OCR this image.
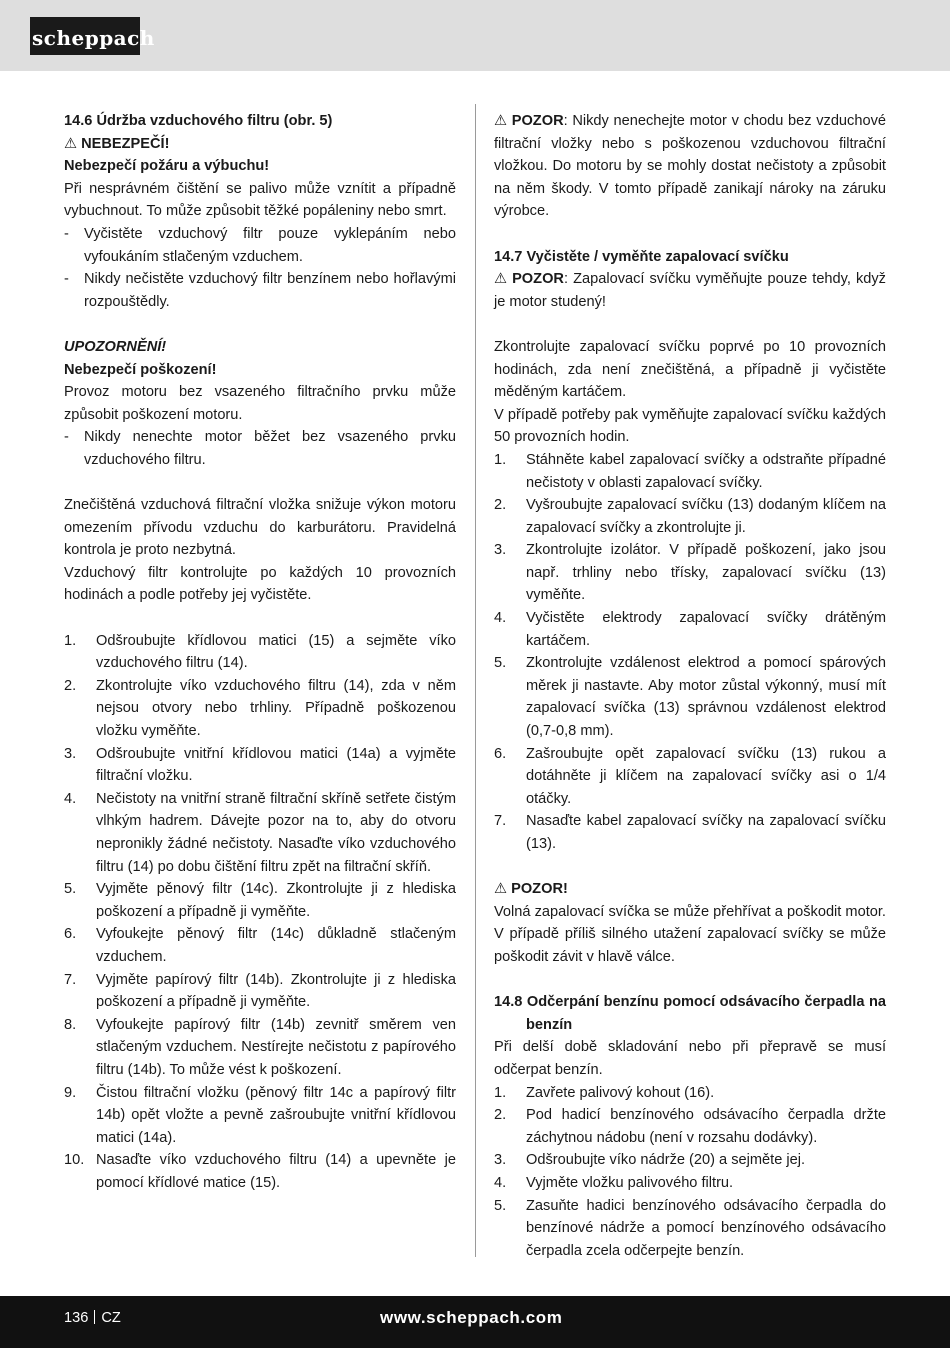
scheppach

14.6 Údržba vzduchového filtru (obr. 5)

⚠ NEBEZPEČÍ!

Nebezpečí požáru a výbuchu!

Při nesprávném čištění se palivo může vznítit a případně vybuchnout. To může způsobit těžké popáleniny nebo smrt.

- Vyčistěte vzduchový filtr pouze vyklepáním nebo vyfoukáním stlačeným vzduchem.
- Nikdy nečistěte vzduchový filtr benzínem nebo hořlavými rozpouštědly.

UPOZORNĚNÍ!

Nebezpečí poškození!

Provoz motoru bez vsazeného filtračního prvku může způsobit poškození motoru.

- Nikdy nenechte motor běžet bez vsazeného prvku vzduchového filtru.

Znečištěná vzduchová filtrační vložka snižuje výkon motoru omezením přívodu vzduchu do karburátoru. Pravidelná kontrola je proto nezbytná.

Vzduchový filtr kontrolujte po každých 10 provozních hodinách a podle potřeby jej vyčistěte.

1. Odšroubujte křídlovou matici (15) a sejměte víko vzduchového filtru (14).
2. Zkontrolujte víko vzduchového filtru (14), zda v něm nejsou otvory nebo trhliny. Případně poškozenou vložku vyměňte.
3. Odšroubujte vnitřní křídlovou matici (14a) a vyjměte filtrační vložku.
4. Nečistoty na vnitřní straně filtrační skříně setřete čistým vlhkým hadrem. Dávejte pozor na to, aby do otvoru nepronikly žádné nečistoty. Nasaďte víko vzduchového filtru (14) po dobu čištění filtru zpět na filtrační skříň.
5. Vyjměte pěnový filtr (14c). Zkontrolujte ji z hlediska poškození a případně ji vyměňte.
6. Vyfoukejte pěnový filtr (14c) důkladně stlačeným vzduchem.
7. Vyjměte papírový filtr (14b). Zkontrolujte ji z hlediska poškození a případně ji vyměňte.
8. Vyfoukejte papírový filtr (14b) zevnitř směrem ven stlačeným vzduchem. Nestírejte nečistotu z papírového filtru (14b). To může vést k poškození.
9. Čistou filtrační vložku (pěnový filtr 14c a papírový filtr 14b) opět vložte a pevně zašroubujte vnitřní křídlovou matici (14a).
10. Nasaďte víko vzduchového filtru (14) a upevněte je pomocí křídlové matice (15).

⚠ POZOR: Nikdy nenechejte motor v chodu bez vzduchové filtrační vložky nebo s poškozenou vzduchovou filtrační vložkou. Do motoru by se mohly dostat nečistoty a způsobit na něm škody. V tomto případě zanikají nároky na záruku výrobce.

14.7 Vyčistěte / vyměňte zapalovací svíčku

⚠ POZOR: Zapalovací svíčku vyměňujte pouze tehdy, když je motor studený!

Zkontrolujte zapalovací svíčku poprvé po 10 provozních hodinách, zda není znečištěná, a případně ji vyčistěte měděným kartáčem.

V případě potřeby pak vyměňujte zapalovací svíčku každých 50 provozních hodin.

1. Stáhněte kabel zapalovací svíčky a odstraňte případné nečistoty v oblasti zapalovací svíčky.
2. Vyšroubujte zapalovací svíčku (13) dodaným klíčem na zapalovací svíčky a zkontrolujte ji.
3. Zkontrolujte izolátor. V případě poškození, jako jsou např. trhliny nebo třísky, zapalovací svíčku (13) vyměňte.
4. Vyčistěte elektrody zapalovací svíčky drátěným kartáčem.
5. Zkontrolujte vzdálenost elektrod a pomocí spárových měrek ji nastavte. Aby motor zůstal výkonný, musí mít zapalovací svíčka (13) správnou vzdálenost elektrod (0,7-0,8 mm).
6. Zašroubujte opět zapalovací svíčku (13) rukou a dotáhněte ji klíčem na zapalovací svíčky asi o 1/4 otáčky.
7. Nasaďte kabel zapalovací svíčky na zapalovací svíčku (13).

⚠ POZOR!

Volná zapalovací svíčka se může přehřívat a poškodit motor. V případě příliš silného utažení zapalovací svíčky se může poškodit závit v hlavě válce.

14.8 Odčerpání benzínu pomocí odsávacího čerpadla na benzín

Při delší době skladování nebo při přepravě se musí odčerpat benzín.

1. Zavřete palivový kohout (16).
2. Pod hadicí benzínového odsávacího čerpadla držte záchytnou nádobu (není v rozsahu dodávky).
3. Odšroubujte víko nádrže (20) a sejměte jej.
4. Vyjměte vložku palivového filtru.
5. Zasuňte hadici benzínového odsávacího čerpadla do benzínové nádrže a pomocí benzínového odsávacího čerpadla zcela odčerpejte benzín.
136 CZ	www.scheppach.com
